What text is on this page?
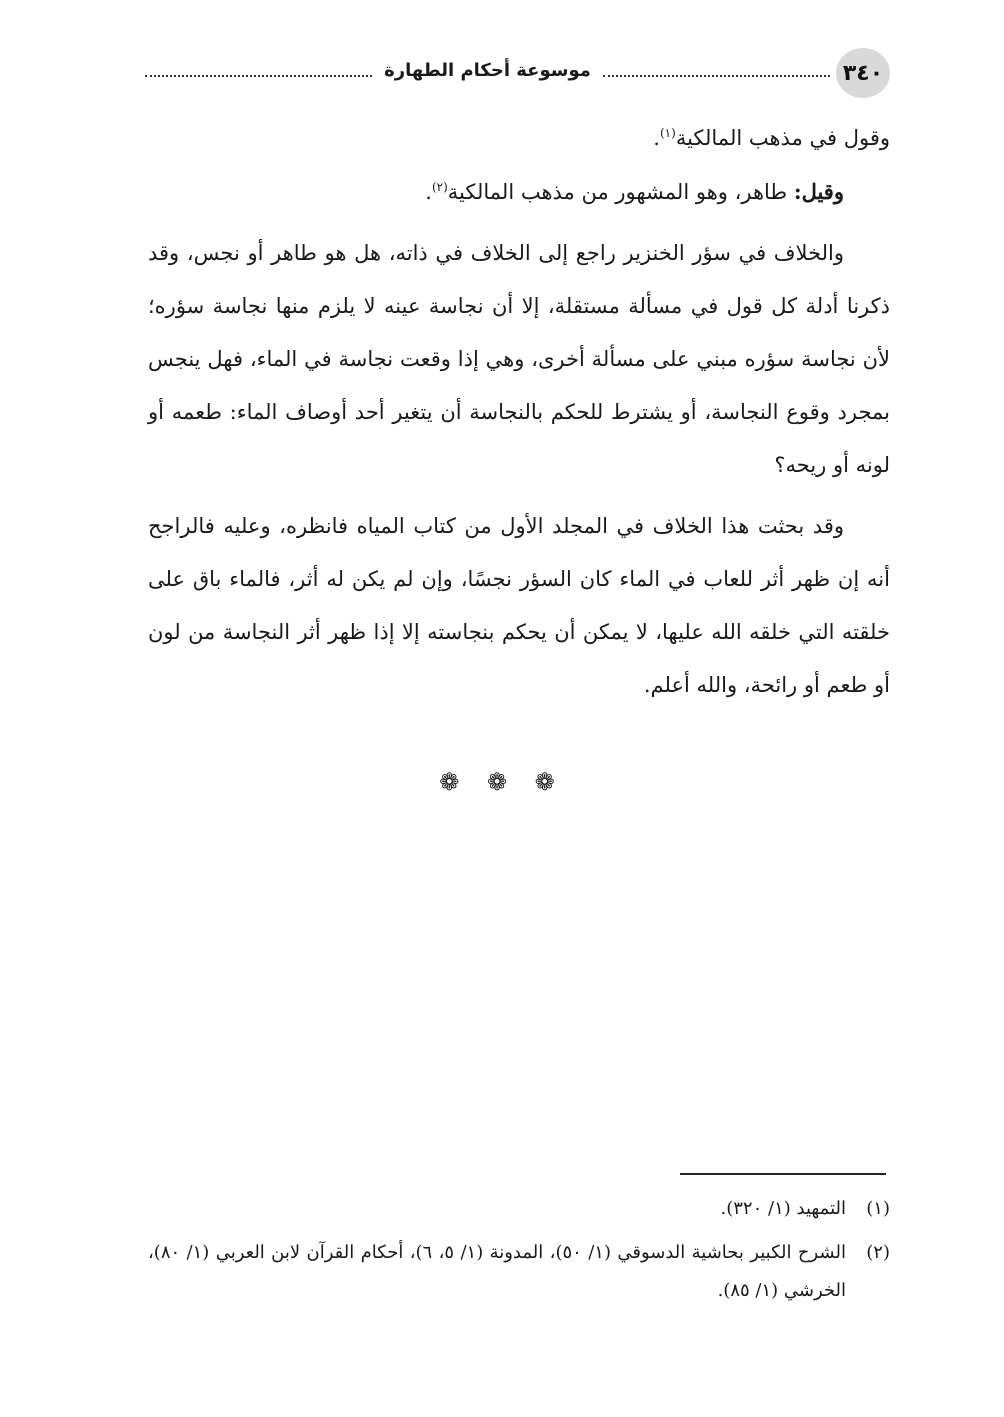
٣٤٠
موسوعة أحكام الطهارة

وقول في مذهب المالكية$^{(١)}$.

وقيل: طاهر، وهو المشهور من مذهب المالكية$^{(٢)}$.

والخلاف في سؤر الخنزير راجع إلى الخلاف في ذاته، هل هو طاهر أو نجس، وقد ذكرنا أدلة كل قول في مسألة مستقلة، إلا أن نجاسة عينه لا يلزم منها نجاسة سؤره؛ لأن نجاسة سؤره مبني على مسألة أخرى، وهي إذا وقعت نجاسة في الماء، فهل ينجس بمجرد وقوع النجاسة، أو يشترط للحكم بالنجاسة أن يتغير أحد أوصاف الماء: طعمه أو لونه أو ريحه؟

وقد بحثت هذا الخلاف في المجلد الأول من كتاب المياه فانظره، وعليه فالراجح أنه إن ظهر أثر للعاب في الماء كان السؤر نجسًا، وإن لم يكن له أثر، فالماء باق على خلقته التي خلقه الله عليها، لا يمكن أن يحكم بنجاسته إلا إذا ظهر أثر النجاسة من لون أو طعم أو رائحة، والله أعلم.

❁ ❁ ❁
(١)
التمهيد (١/ ٣٢٠).
(٢)
الشرح الكبير بحاشية الدسوقي (١/ ٥٠)، المدونة (١/ ٥، ٦)، أحكام القرآن لابن العربي (١/ ٨٠)، الخرشي (١/ ٨٥).
